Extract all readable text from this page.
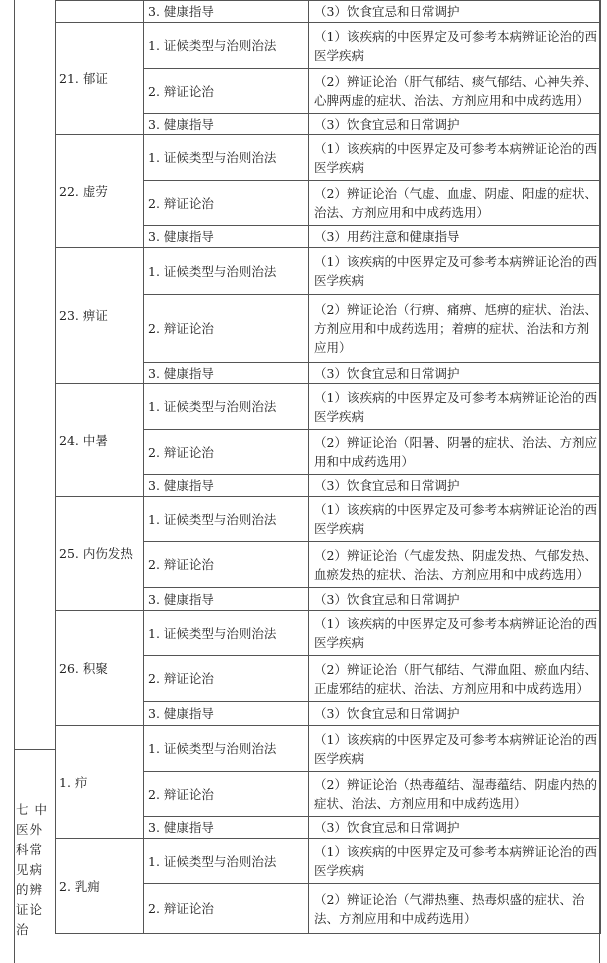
七 中医外科常见病的辨证论治
	3. 健康指导	（3）饮食宜忌和日常调护
21. 郁证	1. 证候类型与治则治法	（1）该疾病的中医界定及可参考本病辨证论治的西医学疾病
	2. 辩证论治	（2）辨证论治（肝气郁结、痰气郁结、心神失养、心脾两虚的症状、治法、方剂应用和中成药选用）
	3. 健康指导	（3）饮食宜忌和日常调护
22. 虚劳	1. 证候类型与治则治法	（1）该疾病的中医界定及可参考本病辨证论治的西医学疾病
	2. 辩证论治	（2）辨证论治（气虚、血虚、阴虚、阳虚的症状、治法、方剂应用和中成药选用）
	3. 健康指导	（3）用药注意和健康指导
23. 痹证	1. 证候类型与治则治法	（1）该疾病的中医界定及可参考本病辨证论治的西医学疾病
	2. 辩证论治	（2）辨证论治（行痹、痛痹、尪痹的症状、治法、方剂应用和中成药选用；着痹的症状、治法和方剂应用）
	3. 健康指导	（3）饮食宜忌和日常调护
24. 中暑	1. 证候类型与治则治法	（1）该疾病的中医界定及可参考本病辨证论治的西医学疾病
	2. 辩证论治	（2）辨证论治（阳暑、阴暑的症状、治法、方剂应用和中成药选用）
	3. 健康指导	（3）饮食宜忌和日常调护
25. 内伤发热	1. 证候类型与治则治法	（1）该疾病的中医界定及可参考本病辨证论治的西医学疾病
	2. 辩证论治	（2）辨证论治（气虚发热、阴虚发热、气郁发热、血瘀发热的症状、治法、方剂应用和中成药选用）
	3. 健康指导	（3）饮食宜忌和日常调护
26. 积聚	1. 证候类型与治则治法	（1）该疾病的中医界定及可参考本病辨证论治的西医学疾病
	2. 辩证论治	（2）辨证论治（肝气郁结、气滞血阻、瘀血内结、正虚邪结的症状、治法、方剂应用和中成药选用）
	3. 健康指导	（3）饮食宜忌和日常调护
1. 疖	1. 证候类型与治则治法	（1）该疾病的中医界定及可参考本病辨证论治的西医学疾病
	2. 辩证论治	（2）辨证论治（热毒蕴结、湿毒蕴结、阴虚内热的症状、治法、方剂应用和中成药选用）
	3. 健康指导	（3）饮食宜忌和日常调护
2. 乳痈	1. 证候类型与治则治法	（1）该疾病的中医界定及可参考本病辨证论治的西医学疾病
	2. 辩证论治	（2）辨证论治（气滞热壅、热毒炽盛的症状、治法、方剂应用和中成药选用）
